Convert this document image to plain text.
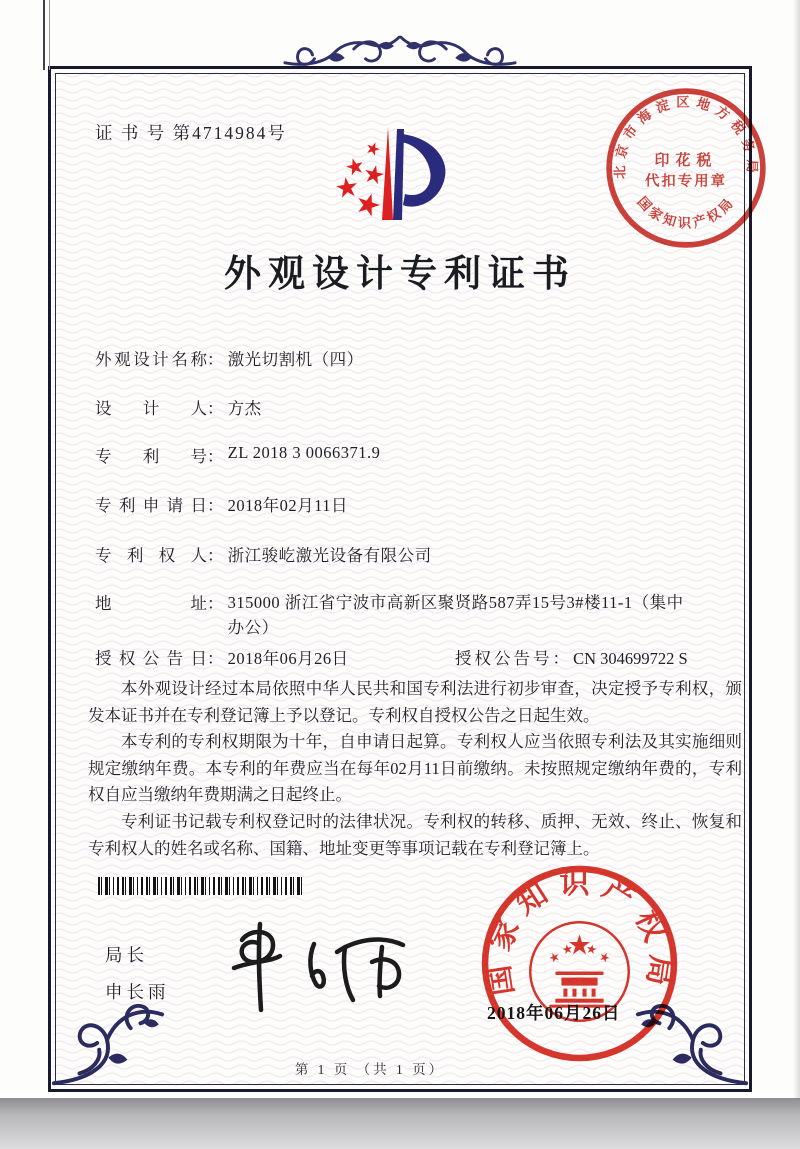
证 书 号 第4714984号
北京市海淀区地方税务局
国家知识产权局
印花税
代扣专用章
外观设计专利证书
外观设计名称： 激光切割机（四）
设计人： 方杰
专利号： ZL 2018 3 0066371.9
专利申请日： 2018年02月11日
专利权人： 浙江骏屹激光设备有限公司
地址： 315000 浙江省宁波市高新区聚贤路587弄15号3#楼11-1（集中办公）
授权公告日： 2018年06月26日	授权公告号： CN 304699722 S

本外观设计经过本局依照中华人民共和国专利法进行初步审查，决定授予专利权，颁发本证书并在专利登记簿上予以登记。专利权自授权公告之日起生效。

本专利的专利权期限为十年，自申请日起算。专利权人应当依照专利法及其实施细则规定缴纳年费。本专利的年费应当在每年02月11日前缴纳。未按照规定缴纳年费的，专利权自应当缴纳年费期满之日起终止。

专利证书记载专利权登记时的法律状况。专利权的转移、质押、无效、终止、恢复和专利权人的姓名或名称、国籍、地址变更等事项记载在专利登记簿上。

局长
申长雨	国家知识产权局
2018年06月26日
第 1 页 （共 1 页）
